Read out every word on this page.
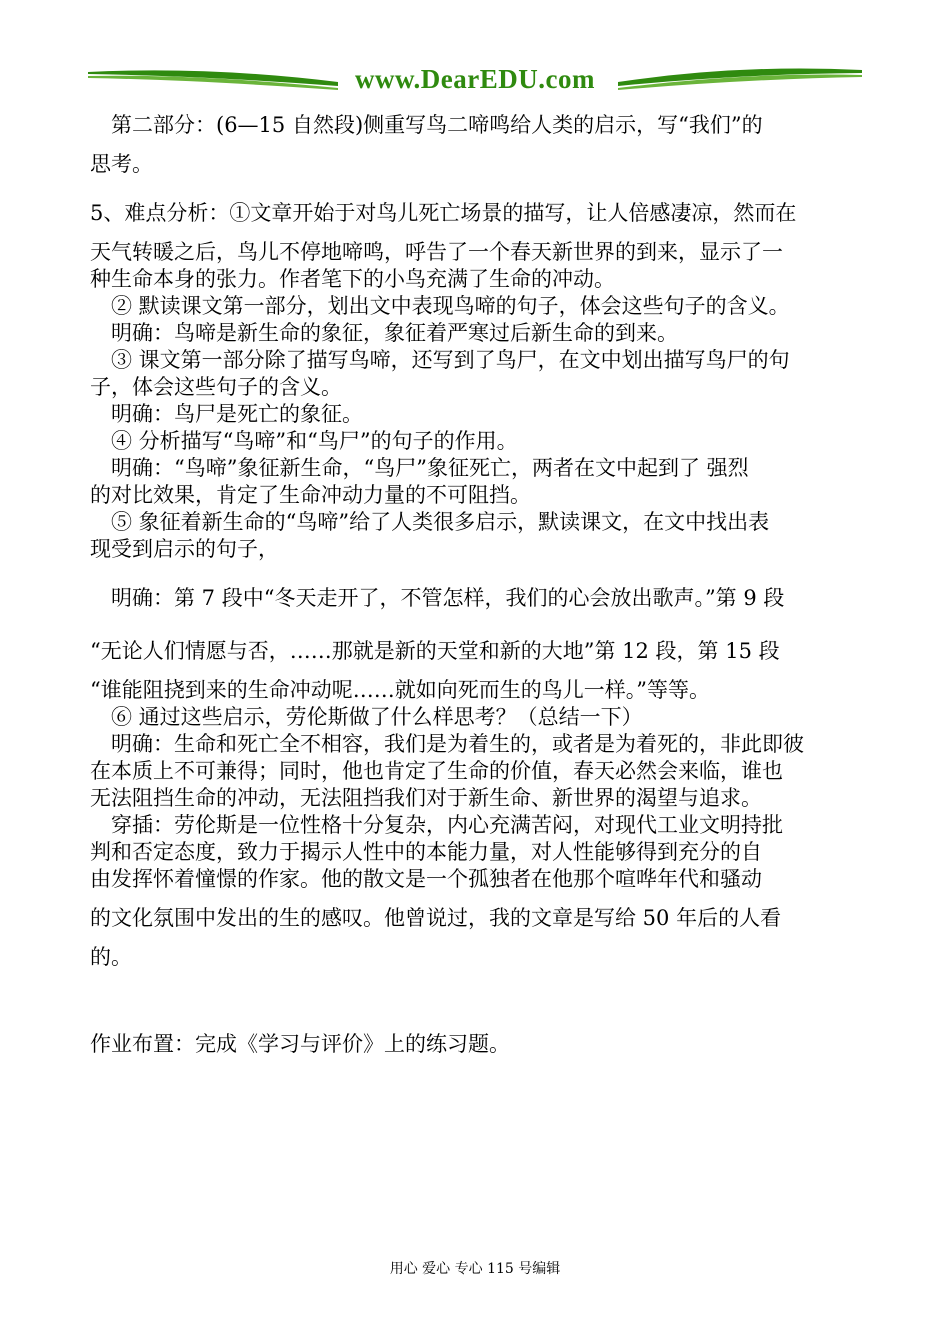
www.DearEDU.com

第二部分：(6—15 自然段)侧重写鸟二啼鸣给人类的启示，写“我们”的

思考。

5、难点分析：①文章开始于对鸟儿死亡场景的描写，让人倍感凄凉，然而在

天气转暖之后，鸟儿不停地啼鸣，呼告了一个春天新世界的到来，显示了一

种生命本身的张力。作者笔下的小鸟充满了生命的冲动。

② 默读课文第一部分，划出文中表现鸟啼的句子，体会这些句子的含义。

明确：鸟啼是新生命的象征，象征着严寒过后新生命的到来。

③ 课文第一部分除了描写鸟啼，还写到了鸟尸，在文中划出描写鸟尸的句

子，体会这些句子的含义。

明确：鸟尸是死亡的象征。

④ 分析描写“鸟啼”和“鸟尸”的句子的作用。

明确：“鸟啼”象征新生命，“鸟尸”象征死亡，两者在文中起到了 强烈

的对比效果，肯定了生命冲动力量的不可阻挡。

⑤ 象征着新生命的“鸟啼”给了人类很多启示，默读课文，在文中找出表

现受到启示的句子，

明确：第 7 段中“冬天走开了，不管怎样，我们的心会放出歌声。”第 9 段

“无论人们情愿与否，……那就是新的天堂和新的大地”第 12 段，第 15 段

“谁能阻挠到来的生命冲动呢……就如向死而生的鸟儿一样。”等等。

⑥ 通过这些启示，劳伦斯做了什么样思考？（总结一下）

明确：生命和死亡全不相容，我们是为着生的，或者是为着死的，非此即彼

在本质上不可兼得；同时，他也肯定了生命的价值，春天必然会来临，谁也

无法阻挡生命的冲动，无法阻挡我们对于新生命、新世界的渴望与追求。

穿插：劳伦斯是一位性格十分复杂，内心充满苦闷，对现代工业文明持批

判和否定态度，致力于揭示人性中的本能力量，对人性能够得到充分的自

由发挥怀着憧憬的作家。他的散文是一个孤独者在他那个喧哗年代和骚动

的文化氛围中发出的生的感叹。他曾说过，我的文章是写给 50 年后的人看

的。

作业布置：完成《学习与评价》上的练习题。

用心 爱心 专心 115 号编辑
